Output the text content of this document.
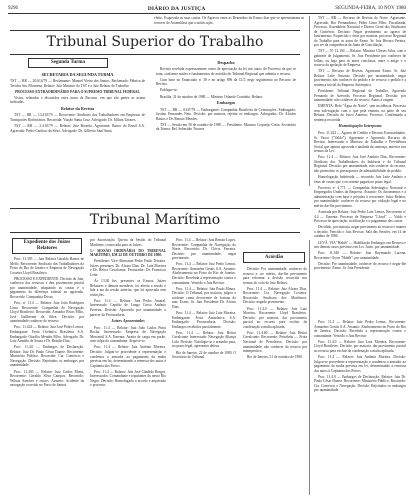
9296	DIÁRIO DA JUSTIÇA	SEGUNDA-FEIRA, 10 NOV 1980
Tribunal Superior do Trabalho
Segunda Turma
SECRETARIA DA SEGUNDA TURMA

TST — RR — 20.614/79 — Reclamante: Manoel Vieira dos Santos. Reclamado: Fábrica de Tecidos Sta. Filomena. Relator: Juiz Ministro do TST e o Juiz Relator do Trabalho.

PROCESSO EXTRAORDINÁRIO PARA O SUPREMO TRIBUNAL FEDERAL

Vistos, relatados e discutidos estes autos de Recurso, em que são partes as acima indicadas.

Relator da Revista

TST — RR — 13.410/79 — Recorrente: Sindicato dos Trabalhadores em Empresas de Transportes Rodoviários. Recorrida: Viação Santa Cruz. Advogado: Dr. Milton Tavares.

TST — RR — 2.4.10/79 — Relator: Juiz Ricardo, Agravante: Banco do Brasil S.A. Agravado: Pedro Cardoso da Silva. Advogado: Dr. Gilberto Sant'Anna.

Despacho

Revista recebida expressamente como de apreciação da lei nos autos do Processo de que se trata, conforme razões e fundamentos do acórdão do Tribunal Regional que admitiu o recurso.

Com base no Enunciado nº 38 e no artigo 896 da CLT, nego seguimento ao Recurso de Revista.

Publique-se.

Brasília, 31 de outubro de 1980 — Ministro Orlando Coutinho, Relator.

Embargos

TST — RR — 6347/79 — Embargante: Companhia Brasileira de Construções. Embargado: Justino Fernandes Neto. Decisão: por maioria, rejeitar os embargos. Advogados: Dr. Alcides Bastos e Dr. Renato Mendes.

TST — Sessão em 30 de outubro de 1980 — Presidente: Ministro Coqueijo Costa. Secretário da Turma: Bel. Sebastião Tavares.

efeito. Esquecida as suas custas. Os Agravos entre as Dezembro da Exma. dias que se apresentaram as recorrer de Assembleia que a notificação.

TST — RR — Recurso de Revista do Norte. Agravante, Agravado, Rio Pernambuco, Pedro Lima Filho, Fiscalizada, Processo. Assembleia Nacional e Diretor Geral dos Sindicatos de Comércio. Decisão: Negar provimento ao agravo de Instrumento. Esquecido o ônus por maioria, processo Regional do Trabalho para os autos do Exmo. Sr. Juiz Hevaro Pereira, por ser da competência da Junta de Conciliação.

TST — Nº 12.194 — Relator: Ministro Ulisses Silva, com o gabinete de Julgamento. Sr. Juiz Presidente por conhecer de folhas, ou haja para os autos conclusos, entre o artigo e o recurso da apelação de Empresa.

TST — Recurso de Revista. Agravante Exmo. Sr. Juiz Relator Leite Antonio, Decisão por unanimidade, negar provimento, não conhecer do pedido e de recurso o pedido e a sentença inicial da Empresa Autárquica.

Presidente: Tribunal Regional do Trabalho, Agravado Fernando de Azevedo, Processo Regional. Decisão: por unanimidade, não conhecer do recurso. Autos à origem.

EMENTA: Bela "Água do Norte", sem incidência. Processo sem sub-rogação com o que pela ementa, na parte de seu Relator. Decisão do Juízo Anterior, Processo. Confirmada a sentença recorrida.

Homologação Interposta

Proc. 11.222 — Agravo de Crédito e Recurso Extraordinário. Sr. Vasco ("Valdo"), Agravante e Agravado. Recurso de Revista. Interessado o Ministro do Trabalho e Previdência Social que apenas aprovada e anulada da sentença, anterior nos termos da Lei.

Proc. 11.4 — Relator: Juiz José Antônio Dias, Recorrente: Sindicato dos Trabalhadores da Indústria e do Tribunal Regional. Decisão: por unanimidade, não conhecer do recurso, não preencheu os pressupostos de admissibilidade do pedido.

Homologação Indeferida — recorrido Juiz Leite Antônio e ônus de custas que o recorrente pagará no prazo legal.

Processo nº 4.771 — Companhia Siderúrgica Nacional e Empregados Unidos da Empresa. Assunto: Os documentos e a administração com base e prejuízo à recorrente. Juízo Relator, por unanimidade, conhecer do recurso por violação legal e no mérito dar-lhe provimento.

Assinada por Relator: Juiz Pedro Luiz Lemos, Recorrente nº 4.4 — Ementa: Processo de Empresa "Lloyd" — Valdo e Processo de apreciação, notificação e o pagamento das custas.

Decidido, por maioria, negar provimento ao recurso e manter a decisão. Vencido o Juiz Revisor. Sala das Sessões, em 14 de outubro de 1980.

LEVÃ, VIA "Habib" — Habilitação Embargos em Recurso e nos demais casos previstos em Lei. Juízo: por unanimidade.

Proc. 11.346 — Relator: Juiz Raymundo Lucena, Recorrente: Oscar "Habib", por unanimidade.

Decisão: Por unanimidade, conhecer do recurso e negar-lhe provimento. Exmo. Sr. Juiz Presidente.

Tribunal Marítimo
Expediente dos Juízes Relatores

Proc. 11.395 — Juiz Relator Geraldo Bastos de Mello. Recorrente: Sindicato dos Trabalhadores do Porto do Rio de Janeiro e Empresa de Navegação Costeira Lloyd Brasileiro.

PROCESSO E EXPEDIENTE: Decisão do Juiz, conheceu dos recursos e deu provimento parcial por unanimidade, adaptando as custas e o pagamento da diferença salarial ao agravado. Recorrido: Companhia Docas.

Proc. nº 11.4 — Relator: Juiz João Rodrigues Lima. Recorrente: Companhia de Navegação Lloyd Brasileiro. Recorrido: Armador Rivas Filho, José Guilherme da Silva. Decisão: por unanimidade conhecer do recurso.

Proc. 11.424 — Relator: Juiz José Pedro Lemos. Embargante: Frota Oceânica Brasileira S.A. Embargado: Otacílio Mendes Filho. Advogado: Dr. Luiz Arnaldo de Sousa e Dr. Bráulio Dias.

Proc. 11.4.0 — Embargos de Declaração. Relator: Juiz Dr. Paulo César Duarte. Recorrente: Ministério Público. Recorrido: Cia. Comércio e Navegação. Decisão: Rejeitados os embargos por unanimidade.

Proc. 11.430 — Relator: Juiz Carlos Motta, Recorrente: Geraldo Silva Campos. Recorrido: Wilson Sanches e outros. Assunto: Acidente da navegação ocorrido no Porto de Santos.

por Autorização. Queria da Sessão do Tribunal Marítimo, convocada para os Juízes.

1.ª SESSÃO ORDINÁRIA DO TRIBUNAL MARÍTIMO, EM 22 DE OUTUBRO DE 1980.

Presidente: Vice-Almirante Pedro Paulo Teixeira. Juízes presentes: Dr. Alvaro Dias, Dr. Luiz Moreira e Dr. Heitor Cavalcante. Procurador: Dr. Francisco Leite.

Às 13:30 hrs, presentes os Exmos. Juízes Relatores e demais membros, foi aberta a sessão e lida a ata da sessão anterior, que foi aprovada sem restrições.

Proc. 11.4 — Relator: Juiz Pedro Amaral. Interessado: Capitão de Longo Curso Antônio Ferreira. Decisão: Aprovado por unanimidade o parecer da Procuradoria.

Juízes Aposentados

Proc. 11.4 — Relator: Juiz João Carlos Pinto Rocha. Interessado: Empresa de Navegação Mercantil S.A. Ementa: Avaria de carga em porão, sem culpa do comandante. Arquive-se.

Proc. 11.4 — Relator: Juiz Antônio Moreira. Decisão: Julgou-se procedente a representação e condenou o armador ao pagamento da multa prevista em lei, determinando a remessa dos autos à Capitania dos Portos.

Proc. 11.4 — Relator: Juiz José Cândido Borges. Interessados: Comandante e tripulantes do navio Rio Negro. Decisão: Homologado o acordo e arquivado o processo.

Proc. 11.4 — Relator: Juiz Renato Lopes, Recorrente: Companhia de Navegação do Norte. Recorrido: Dr. Clóvis Ferreira. Decisão: por unanimidade, negar provimento.

Proc. 11.4 — Relator: Juiz Pedro Lemos. Recorrente: Armazéns Gerais S.A. Assunto: Abalroamento no Porto do Rio de Janeiro. Decisão: Recebida a representação contra o comandante. Vencido o Juiz Revisor.

Proc. 11.4 — Relator: Juiz Paulo Moura. Decisão: O Tribunal, por maioria, julgou o acidente como decorrente de fortuna do mar. Exmo. Sr. Juiz Presidente Dr. Alvaro Dias.

Proc. 11.4 — Relator: Juiz Luiz Moreira. Embargante: Frota Amazônica S.A. Embargado: Procuradoria. Decisão: Embargos recebidos parcialmente.

Proc. 11.4 — Relator: Juiz Heitor Cavalcante. Interessado: Navegação Aliança Ltda. Decisão: Notifique-se o armador para, no prazo legal, apresentar defesa.

Rio de Janeiro, 22 de outubro de 1980. O Secretário do Tribunal.

Acórdão

Decisão: Por unanimidade, conhecer do recurso e, no mérito, dar-lhe provimento para reformar a decisão recorrida nos termos do voto do Juiz Relator.

Proc. 11.4 — Relator: Juiz Alvaro Dias, Recorrente: Cia. Navegação Costeira. Recorrido: Sindicato dos Marítimos. Decisão: negado provimento.

Proc. 11.4.0 — Relator: Juiz Luiz Moreira, Recorrente: Lloyd Brasileiro. Decisão: por maioria, dar provimento parcial ao recurso para excluir da condenação a multa aplicada.

Proc. 11.4.60 — Relator: Juiz Heitor Cavalcante. Recorrente: Petrobrás — Frota Nacional de Petroleiros. Decisão: por unanimidade, não conhecer do recurso por intempestivo.

Rio de Janeiro, 31 de outubro de 1980.

Proc. 11.4 — Relator: Juiz Pedro Lemos. Recorrente: Armazéns Gerais S.A. Assunto: Abalroamento no Porto do Rio de Janeiro. Decisão: Recebida a representação contra o comandante. Vencido o Juiz Revisor.

Proc. 11.4.0 — Relator: Juiz Luiz Moreira, Recorrente: Lloyd Brasileiro. Decisão: por maioria, dar provimento parcial ao recurso para excluir da condenação a multa aplicada.

Proc. 11.4 — Relator: Juiz Antônio Moreira. Decisão: Julgou-se procedente a representação e condenou o armador ao pagamento da multa prevista em lei, determinando a remessa dos autos à Capitania dos Portos.

Proc. 11.4.0 — Embargos de Declaração. Relator: Juiz Dr. Paulo César Duarte. Recorrente: Ministério Público. Recorrido: Cia. Comércio e Navegação. Decisão: Rejeitados os embargos por unanimidade.
